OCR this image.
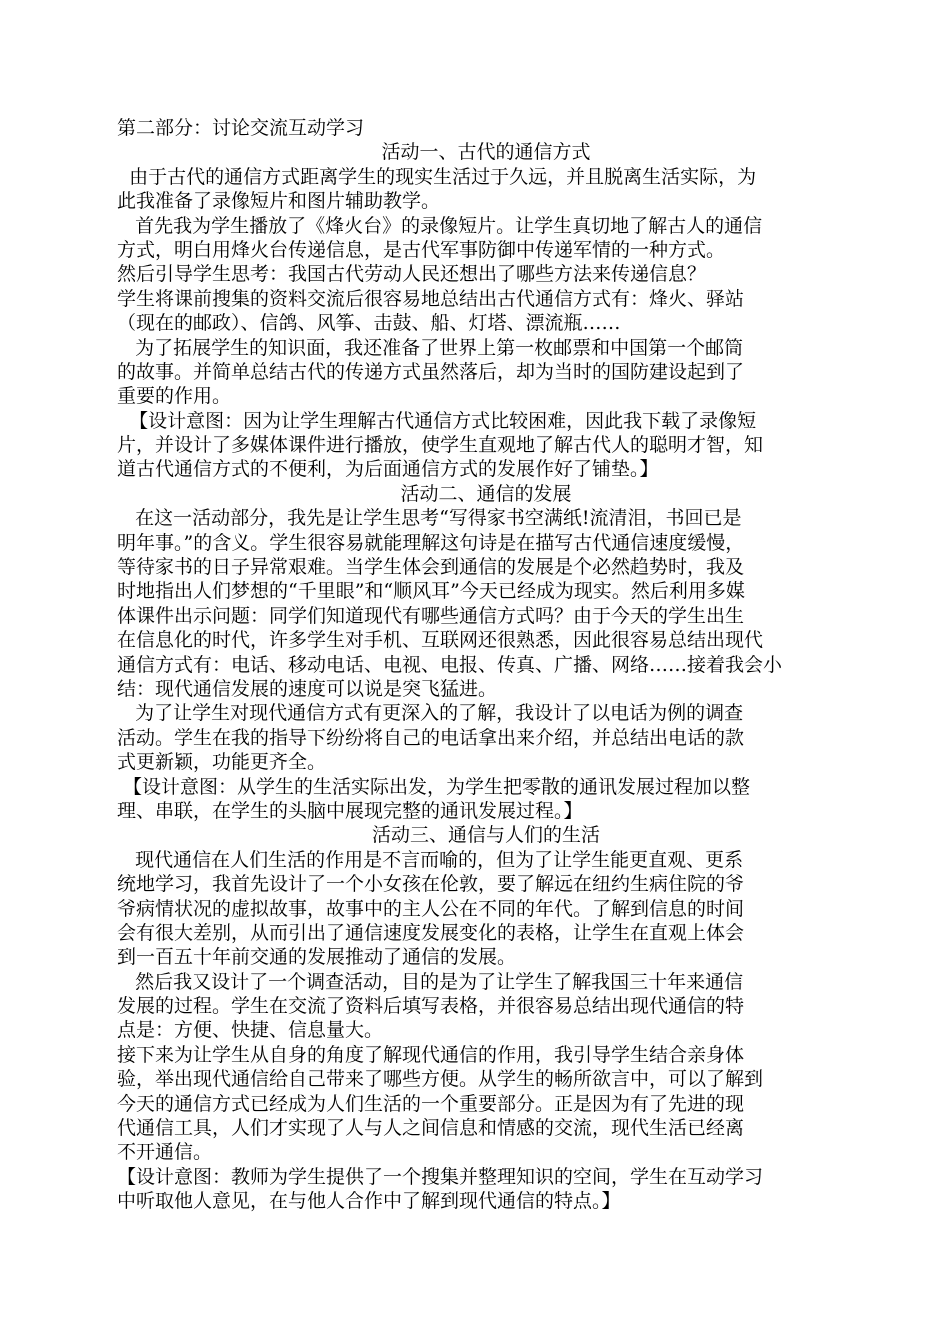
第二部分：讨论交流互动学习
活动一、古代的通信方式
由于古代的通信方式距离学生的现实生活过于久远，并且脱离生活实际，为
此我准备了录像短片和图片辅助教学。
首先我为学生播放了《烽火台》的录像短片。让学生真切地了解古人的通信
方式，明白用烽火台传递信息，是古代军事防御中传递军情的一种方式。
然后引导学生思考：我国古代劳动人民还想出了哪些方法来传递信息？
学生将课前搜集的资料交流后很容易地总结出古代通信方式有：烽火、驿站
（现在的邮政）、信鸽、风筝、击鼓、船、灯塔、漂流瓶……
为了拓展学生的知识面，我还准备了世界上第一枚邮票和中国第一个邮筒
的故事。并简单总结古代的传递方式虽然落后，却为当时的国防建设起到了
重要的作用。
【设计意图：因为让学生理解古代通信方式比较困难，因此我下载了录像短
片，并设计了多媒体课件进行播放，使学生直观地了解古代人的聪明才智，知
道古代通信方式的不便利，为后面通信方式的发展作好了铺垫。】
活动二、通信的发展
在这一活动部分，我先是让学生思考“写得家书空满纸!流清泪，书回已是
明年事。”的含义。学生很容易就能理解这句诗是在描写古代通信速度缓慢，
等待家书的日子异常艰难。当学生体会到通信的发展是个必然趋势时，我及
时地指出人们梦想的“千里眼”和“顺风耳”今天已经成为现实。然后利用多媒
体课件出示问题：同学们知道现代有哪些通信方式吗？由于今天的学生出生
在信息化的时代，许多学生对手机、互联网还很熟悉，因此很容易总结出现代
通信方式有：电话、移动电话、电视、电报、传真、广播、网络……接着我会小
结：现代通信发展的速度可以说是突飞猛进。
为了让学生对现代通信方式有更深入的了解，我设计了以电话为例的调查
活动。学生在我的指导下纷纷将自己的电话拿出来介绍，并总结出电话的款
式更新颖，功能更齐全。
【设计意图：从学生的生活实际出发，为学生把零散的通讯发展过程加以整
理、串联，在学生的头脑中展现完整的通讯发展过程。】
活动三、通信与人们的生活
现代通信在人们生活的作用是不言而喻的，但为了让学生能更直观、更系
统地学习，我首先设计了一个小女孩在伦敦，要了解远在纽约生病住院的爷
爷病情状况的虚拟故事，故事中的主人公在不同的年代。了解到信息的时间
会有很大差别，从而引出了通信速度发展变化的表格，让学生在直观上体会
到一百五十年前交通的发展推动了通信的发展。
然后我又设计了一个调查活动，目的是为了让学生了解我国三十年来通信
发展的过程。学生在交流了资料后填写表格，并很容易总结出现代通信的特
点是：方便、快捷、信息量大。
接下来为让学生从自身的角度了解现代通信的作用，我引导学生结合亲身体
验，举出现代通信给自己带来了哪些方便。从学生的畅所欲言中，可以了解到
今天的通信方式已经成为人们生活的一个重要部分。正是因为有了先进的现
代通信工具，人们才实现了人与人之间信息和情感的交流，现代生活已经离
不开通信。
【设计意图：教师为学生提供了一个搜集并整理知识的空间，学生在互动学习
中听取他人意见，在与他人合作中了解到现代通信的特点。】
